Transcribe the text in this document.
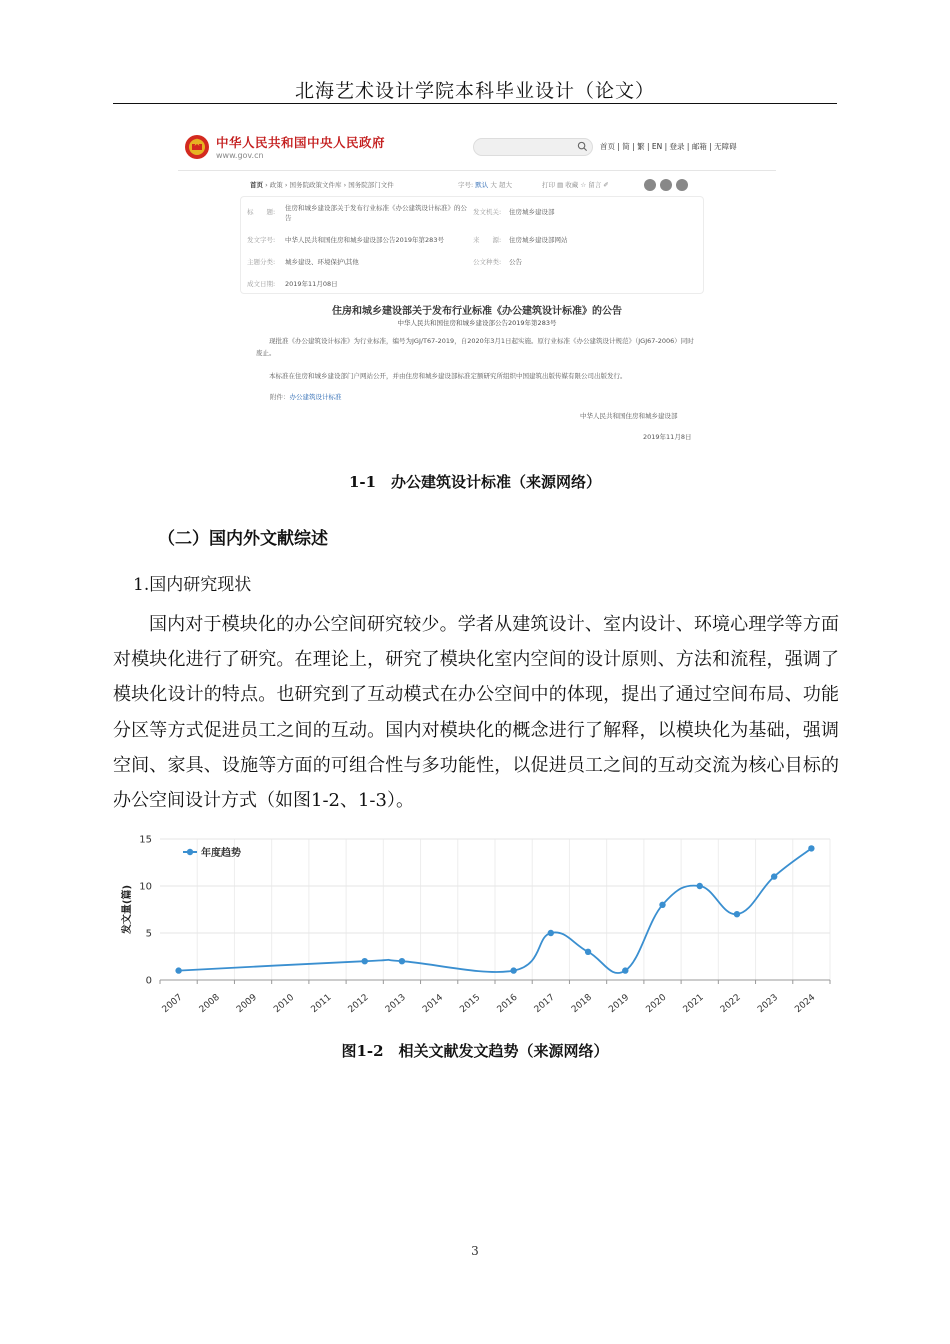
北海艺术设计学院本科毕业设计（论文）
中华人民共和国中央人民政府
www.gov.cn
首页 | 简 | 繁 | EN | 登录 | 邮箱 | 无障碍
首页 › 政策 › 国务院政策文件库 › 国务院部门文件	字号: 默认 大 超大	打印 ▤ 收藏 ☆ 留言 ✐
标　　题: 住房和城乡建设部关于发布行业标准《办公建筑设计标准》的公
告
发文机关: 住房城乡建设部
发文字号: 中华人民共和国住房和城乡建设部公告2019年第283号	来　　源: 住房城乡建设部网站
主题分类: 城乡建设、环境保护\其他	公文种类: 公告
成文日期: 2019年11月08日
住房和城乡建设部关于发布行业标准《办公建筑设计标准》的公告
中华人民共和国住房和城乡建设部公告2019年第283号
现批准《办公建筑设计标准》为行业标准，编号为JGJ/T67-2019，自2020年3月1日起实施。原行业标准《办公建筑设计规范》（JGJ67-2006）同时废止。
本标准在住房和城乡建设部门户网站公开，并由住房和城乡建设部标准定额研究所组织中国建筑出版传媒有限公司出版发行。
附件：办公建筑设计标准
中华人民共和国住房和城乡建设部
2019年11月8日
1-1　办公建筑设计标准（来源网络）
（二）国内外文献综述
1.国内研究现状

国内对于模块化的办公空间研究较少。学者从建筑设计、室内设计、环境心理学等方面对模块化进行了研究。在理论上，研究了模块化室内空间的设计原则、方法和流程，强调了模块化设计的特点。也研究到了互动模式在办公空间中的体现，提出了通过空间布局、功能分区等方式促进员工之间的互动。国内对模块化的概念进行了解释，以模块化为基础，强调空间、家具、设施等方面的可组合性与多功能性，以促进员工之间的互动交流为核心目标的办公空间设计方式（如图1-2、1-3）。

0
5
10
15
2007 2008 2009 2010 2011 2012 2013 2014 2015 2016 2017 2018 2019 2020 2021 2022 2023 2024
发文量(篇)
年度趋势
图1-2　相关文献发文趋势（来源网络）
3
